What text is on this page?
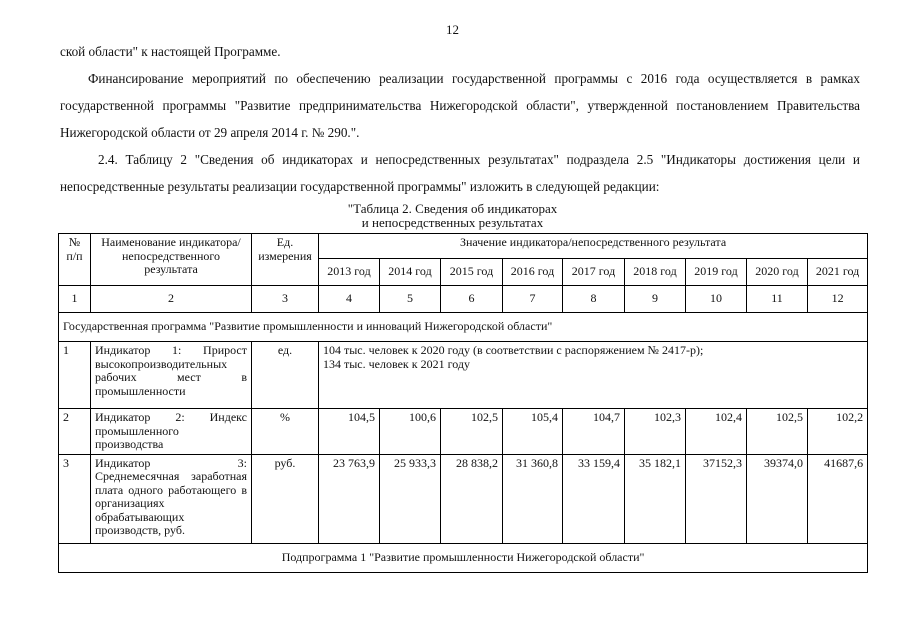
12

ской области" к настоящей Программе.

Финансирование мероприятий по обеспечению реализации государственной программы с 2016 года осуществляется в рамках государственной программы "Развитие предпринимательства Нижегородской области", утвержденной постановлением Правительства Нижегородской области от 29 апреля 2014 г. № 290.".

2.4. Таблицу 2 "Сведения об индикаторах и непосредственных результатах" подраздела 2.5 "Индикаторы достижения цели и непосредственные результаты реализации государственной программы" изложить в следующей редакции:

"Таблица 2. Сведения об индикаторах
и непосредственных результатах
№ п/п	Наименование индикатора/непосредственного результата	Ед. измерения	Значение индикатора/непосредственного результата								
			2013 год	2014 год	2015 год	2016 год	2017 год	2018 год	2019 год	2020 год	2021 год
1	2	3	4	5	6	7	8	9	10	11	12
Государственная программа "Развитие промышленности и инноваций Нижегородской области"											
1	Индикатор 1: Прирост высокопроизводительных рабочих мест в промышленности	ед.	104 тыс. человек к 2020 году (в соответствии с распоряжением № 2417-р);
134 тыс. человек к 2021 году								

2	Индикатор 2: Индекс промышленного производства	%	104,5	100,6	102,5	105,4	104,7	102,3	102,4	102,5	102,2
3	Индикатор 3: Среднемесячная заработная плата одного работающего в организациях обрабатывающих производств, руб.	руб.	23 763,9	25 933,3	28 838,2	31 360,8	33 159,4	35 182,1	37152,3	39374,0	41687,6
Подпрограмма 1 "Развитие промышленности Нижегородской области"											
